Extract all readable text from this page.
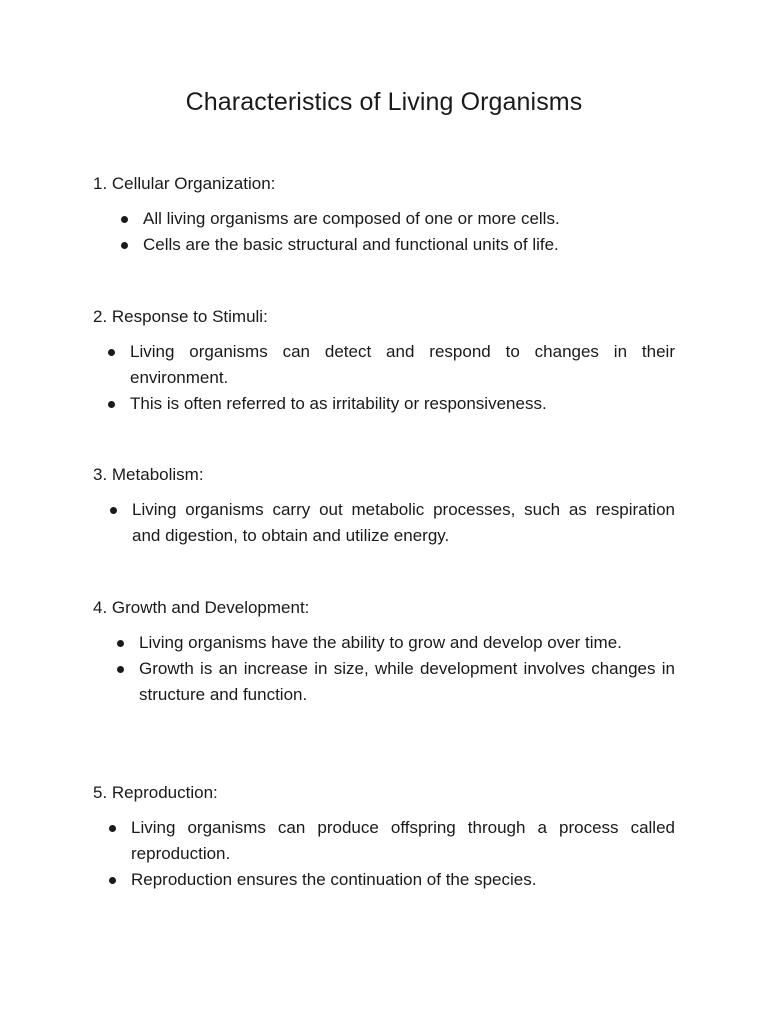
Characteristics of Living Organisms

1. Cellular Organization:

All living organisms are composed of one or more cells.
Cells are the basic structural and functional units of life.

2. Response to Stimuli:

Living organisms can detect and respond to changes in their environment.
This is often referred to as irritability or responsiveness.

3. Metabolism:

Living organisms carry out metabolic processes, such as respiration and digestion, to obtain and utilize energy.

4. Growth and Development:

Living organisms have the ability to grow and develop over time.
Growth is an increase in size, while development involves changes in structure and function.

5. Reproduction:

Living organisms can produce offspring through a process called reproduction.
Reproduction ensures the continuation of the species.
